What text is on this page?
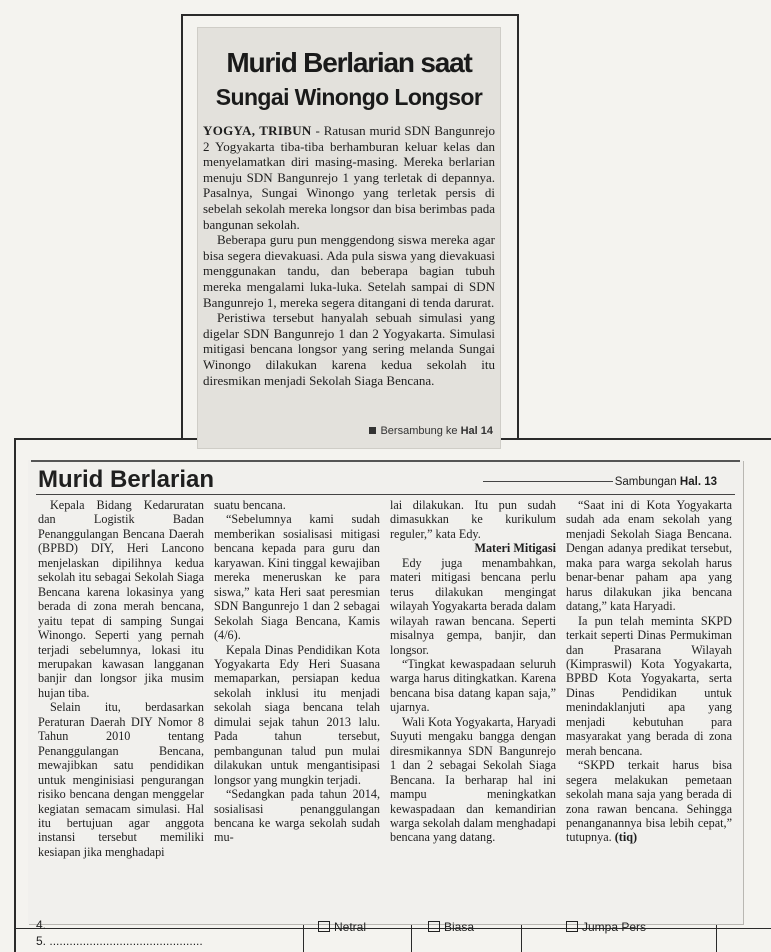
Murid Berlarian saat
Sungai Winongo Longsor

YOGYA, TRIBUN - Ratusan murid SDN Bangunrejo 2 Yogyakarta tiba-tiba berhamburan keluar kelas dan menyelamatkan diri masing-masing. Mereka berlarian menuju SDN Bangunrejo 1 yang terletak di depannya. Pasalnya, Sungai Winongo yang terletak persis di sebelah sekolah mereka longsor dan bisa berimbas pada bangunan sekolah.

Beberapa guru pun menggendong siswa mereka agar bisa segera dievakuasi. Ada pula siswa yang dievakuasi menggunakan tandu, dan beberapa bagian tubuh mereka mengalami luka-luka. Setelah sampai di SDN Bangunrejo 1, mereka segera ditangani di tenda darurat.

Peristiwa tersebut hanyalah sebuah simulasi yang digelar SDN Bangunrejo 1 dan 2 Yogyakarta. Simulasi mitigasi bencana longsor yang sering melanda Sungai Winongo dilakukan karena kedua sekolah itu diresmikan menjadi Sekolah Siaga Bencana.

Bersambung ke Hal 14
Murid Berlarian	Sambungan Hal. 13

Kepala Bidang Kedaruratan dan Logistik Badan Penanggulangan Bencana Daerah (BPBD) DIY, Heri Lancono menjelaskan dipilihnya kedua sekolah itu sebagai Sekolah Siaga Bencana karena lokasinya yang berada di zona merah bencana, yaitu tepat di samping Sungai Winongo. Seperti yang pernah terjadi sebelumnya, lokasi itu merupakan kawasan langganan banjir dan longsor jika musim hujan tiba.

Selain itu, berdasarkan Peraturan Daerah DIY Nomor 8 Tahun 2010 tentang Penanggulangan Bencana, mewajibkan satu pendidikan untuk menginisiasi pengurangan risiko bencana dengan menggelar kegiatan semacam simulasi. Hal itu bertujuan agar anggota instansi tersebut memiliki kesiapan jika menghadapi

suatu bencana.

“Sebelumnya kami sudah memberikan sosialisasi mitigasi bencana kepada para guru dan karyawan. Kini tinggal kewajiban mereka meneruskan ke para siswa,” kata Heri saat peresmian SDN Bangunrejo 1 dan 2 sebagai Sekolah Siaga Bencana, Kamis (4/6).

Kepala Dinas Pendidikan Kota Yogyakarta Edy Heri Suasana memaparkan, persiapan kedua sekolah inklusi itu menjadi sekolah siaga bencana telah dimulai sejak tahun 2013 lalu. Pada tahun tersebut, pembangunan talud pun mulai dilakukan untuk mengantisipasi longsor yang mungkin terjadi.

“Sedangkan pada tahun 2014, sosialisasi penanggulangan bencana ke warga sekolah sudah mu-

lai dilakukan. Itu pun sudah dimasukkan ke kurikulum reguler,” kata Edy.

Materi Mitigasi

Edy juga menambahkan, materi mitigasi bencana perlu terus dilakukan mengingat wilayah Yogyakarta berada dalam wilayah rawan bencana. Seperti misalnya gempa, banjir, dan longsor.

“Tingkat kewaspadaan seluruh warga harus ditingkatkan. Karena bencana bisa datang kapan saja,” ujarnya.

Wali Kota Yogyakarta, Haryadi Suyuti mengaku bangga dengan diresmikannya SDN Bangunrejo 1 dan 2 sebagai Sekolah Siaga Bencana. Ia berharap hal ini mampu meningkatkan kewaspadaan dan kemandirian warga sekolah dalam menghadapi bencana yang datang.

“Saat ini di Kota Yogyakarta sudah ada enam sekolah yang menjadi Sekolah Siaga Bencana. Dengan adanya predikat tersebut, maka para warga sekolah harus benar-benar paham apa yang harus dilakukan jika bencana datang,” kata Haryadi.

Ia pun telah meminta SKPD terkait seperti Dinas Permukiman dan Prasarana Wilayah (Kimpraswil) Kota Yogyakarta, BPBD Kota Yogyakarta, serta Dinas Pendidikan untuk menindaklanjuti apa yang menjadi kebutuhan para masyarakat yang berada di zona merah bencana.

“SKPD terkait harus bisa segera melakukan pemetaan sekolah mana saja yang berada di zona rawan bencana. Sehingga penanganannya bisa lebih cepat,” tutupnya. (tiq)

4.
5. ..............................................
Netral	Biasa	Jumpa Pers
